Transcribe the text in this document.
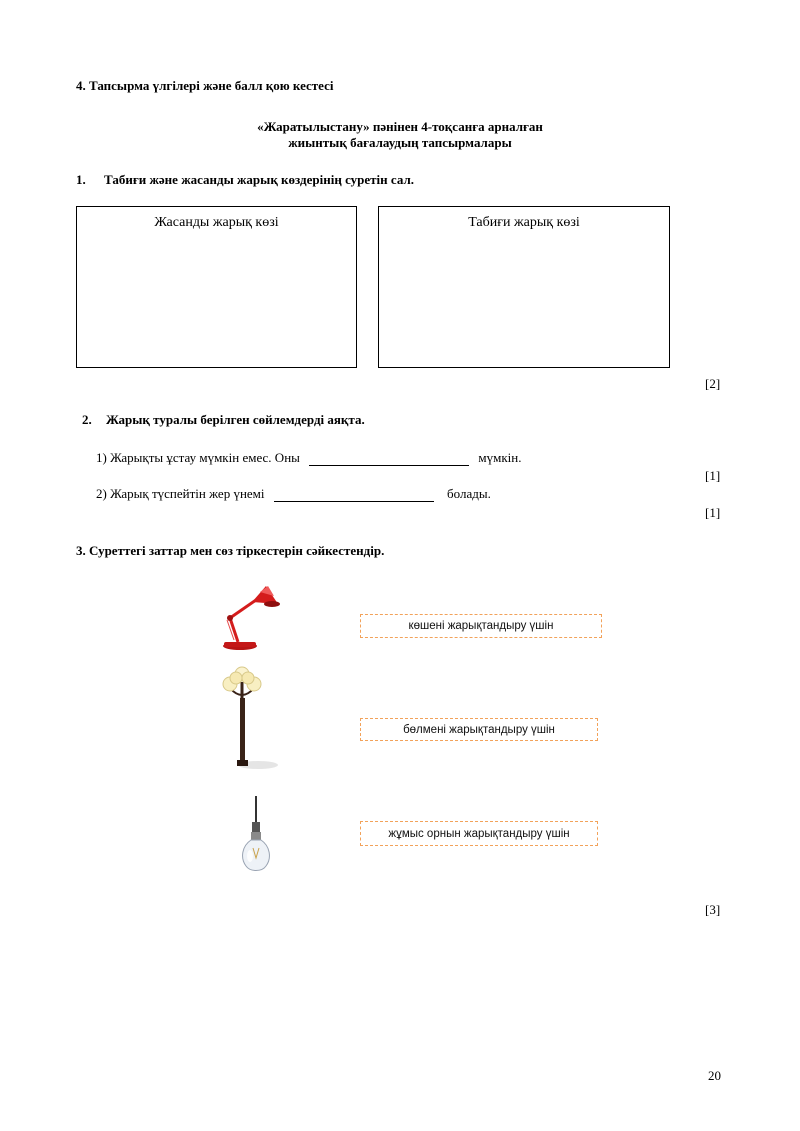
4. Тапсырма үлгілері және балл қою кестесі
«Жаратылыстану» пәнінен 4-тоқсанға арналған
жиынтық бағалаудың тапсырмалары
1. Табиғи және жасанды жарық көздерінің суретін сал.
Жасанды жарық көзі	Табиғи жарық көзі
[2]
2. Жарық туралы берілген сөйлемдерді аяқта.
1) Жарықты ұстау мүмкін емес. Оны	мүмкін.
[1]
2) Жарық түспейтін жер үнемі	болады.
[1]
3. Суреттегі заттар мен сөз тіркестерін сәйкестендір.
көшені жарықтандыру үшін
бөлмені жарықтандыру үшін
жұмыс орнын жарықтандыру үшін
[3]
20
